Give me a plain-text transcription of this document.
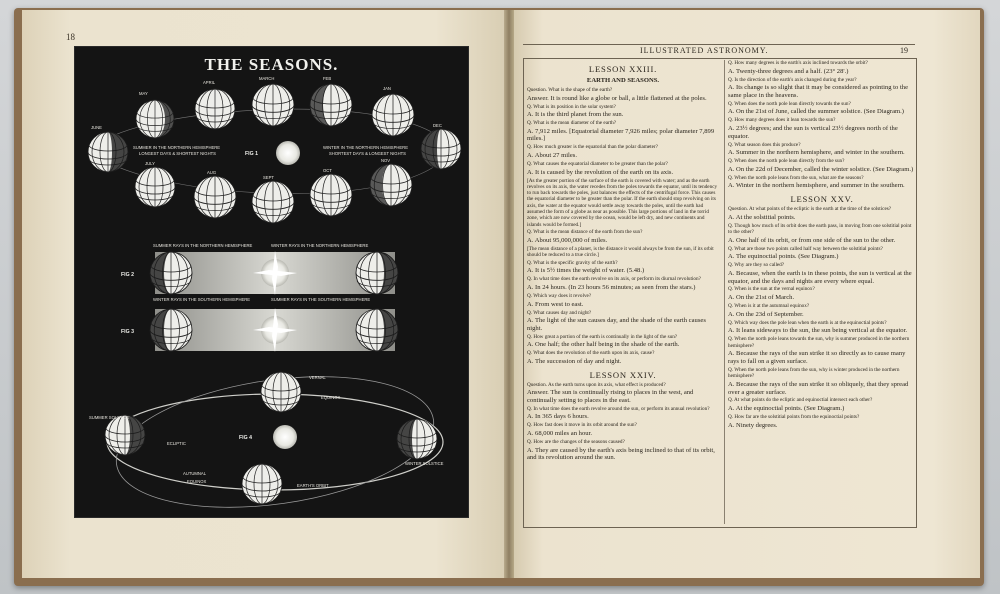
18
MAY
APRIL
MARCH	FEB
JAN
JUNE	DEC
JULY
AUG
SEPT
OCT
NOV
SUMMER IN THE NORTHERN HEMISPHERE
LONGEST DAYS & SHORTEST NIGHTS
WINTER IN THE NORTHERN HEMISPHERE
SHORTEST DAYS & LONGEST NIGHTS
FIG 1
SUMMER RAYS IN THE NORTHERN HEMISPHERE	WINTER RAYS IN THE NORTHERN HEMISPHERE
FIG 2
WINTER RAYS IN THE SOUTHERN HEMISPHERE	SUMMER RAYS IN THE SOUTHERN HEMISPHERE
FIG 3
FIG 4
VERNAL
EQUINOX
AUTUMNAL
EQUINOX
SUMMER SOLSTICE
WINTER SOLSTICE
EARTH'S ORBIT
ECLIPTIC
THE SEASONS.
ILLUSTRATED ASTRONOMY.	19

LESSON XXIII.

EARTH AND SEASONS.

Question. What is the shape of the earth?

Answer. It is round like a globe or ball, a little flattened at the poles.

Q. What is its position in the solar system?

A. It is the third planet from the sun.

Q. What is the mean diameter of the earth?

A. 7,912 miles. [Equatorial diameter 7,926 miles; polar diameter 7,899 miles.]

Q. How much greater is the equatorial than the polar diameter?

A. About 27 miles.

Q. What causes the equatorial diameter to be greater than the polar?

A. It is caused by the revolution of the earth on its axis.

[As the greater portion of the surface of the earth is covered with water; and as the earth revolves on its axis, the water recedes from the poles towards the equator, until its tendency to run back towards the poles, just balances the effects of the centrifugal force. This causes the equatorial diameter to be greater than the polar. If the earth should stop revolving on its axis, the water at the equator would settle away towards the poles, until the earth had assumed the form of a globe as near as possible. This large portions of land in the torrid zone, which are now covered by the ocean, would be left dry, and new continents and islands would be formed.]

Q. What is the mean distance of the earth from the sun?

A. About 95,000,000 of miles.

[The mean distance of a planet, is the distance it would always be from the sun, if its orbit should be reduced to a true circle.]

Q. What is the specific gravity of the earth?

A. It is 5½ times the weight of water. (5.48.)

Q. In what time does the earth revolve on its axis, or perform its diurnal revolution?

A. In 24 hours. (In 23 hours 56 minutes; as seen from the stars.)

Q. Which way does it revolve?

A. From west to east.

Q. What causes day and night?

A. The light of the sun causes day, and the shade of the earth causes night.

Q. How great a portion of the earth is continually in the light of the sun?

A. One half; the other half being in the shade of the earth.

Q. What does the revolution of the earth upon its axis, cause?

A. The succession of day and night.

LESSON XXIV.

Question. As the earth turns upon its axis, what effect is produced?

Answer. The sun is continually rising to places in the west, and continually setting to places in the east.

Q. In what time does the earth revolve around the sun, or perform its annual revolution?

A. In 365 days 6 hours.

Q. How fast does it move in its orbit around the sun?

A. 68,000 miles an hour.

Q. How are the changes of the seasons caused?

A. They are caused by the earth's axis being inclined to that of its orbit, and its revolution around the sun.

Q. How many degrees is the earth's axis inclined towards the orbit?

A. Twenty-three degrees and a half. (23° 28'.)

Q. Is the direction of the earth's axis changed during the year?

A. Its change is so slight that it may be considered as pointing to the same place in the heavens.

Q. When does the north pole lean directly towards the sun?

A. On the 21st of June, called the summer solstice. (See Diagram.)

Q. How many degrees does it lean towards the sun?

A. 23½ degrees; and the sun is vertical 23½ degrees north of the equator.

Q. What season does this produce?

A. Summer in the northern hemisphere, and winter in the southern.

Q. When does the north pole lean directly from the sun?

A. On the 22d of December, called the winter solstice. (See Diagram.)

Q. When the north pole leans from the sun, what are the seasons?

A. Winter in the northern hemisphere, and summer in the southern.

LESSON XXV.

Question. At what points of the ecliptic is the earth at the time of the solstices?

A. At the solstitial points.

Q. Though how much of its orbit does the earth pass, in moving from one solstitial point to the other?

A. One half of its orbit, or from one side of the sun to the other.

Q. What are those two points called half way between the solstitial points?

A. The equinoctial points. (See Diagram.)

Q. Why are they so called?

A. Because, when the earth is in these points, the sun is vertical at the equator, and the days and nights are every where equal.

Q. When is the sun at the vernal equinox?

A. On the 21st of March.

Q. When is it at the autumnal equinox?

A. On the 23d of September.

Q. Which way does the pole lean when the earth is at the equinoctial points?

A. It leans sideways to the sun, the sun being vertical at the equator.

Q. When the north pole leans towards the sun, why is summer produced in the northern hemisphere?

A. Because the rays of the sun strike it so directly as to cause many rays to fall on a given surface.

Q. When the north pole leans from the sun, why is winter produced in the northern hemisphere?

A. Because the rays of the sun strike it so obliquely, that they spread over a greater surface.

Q. At what points do the ecliptic and equinoctial intersect each other?

A. At the equinoctial points. (See Diagram.)

Q. How far are the solstitial points from the equinoctial points?

A. Ninety degrees.
